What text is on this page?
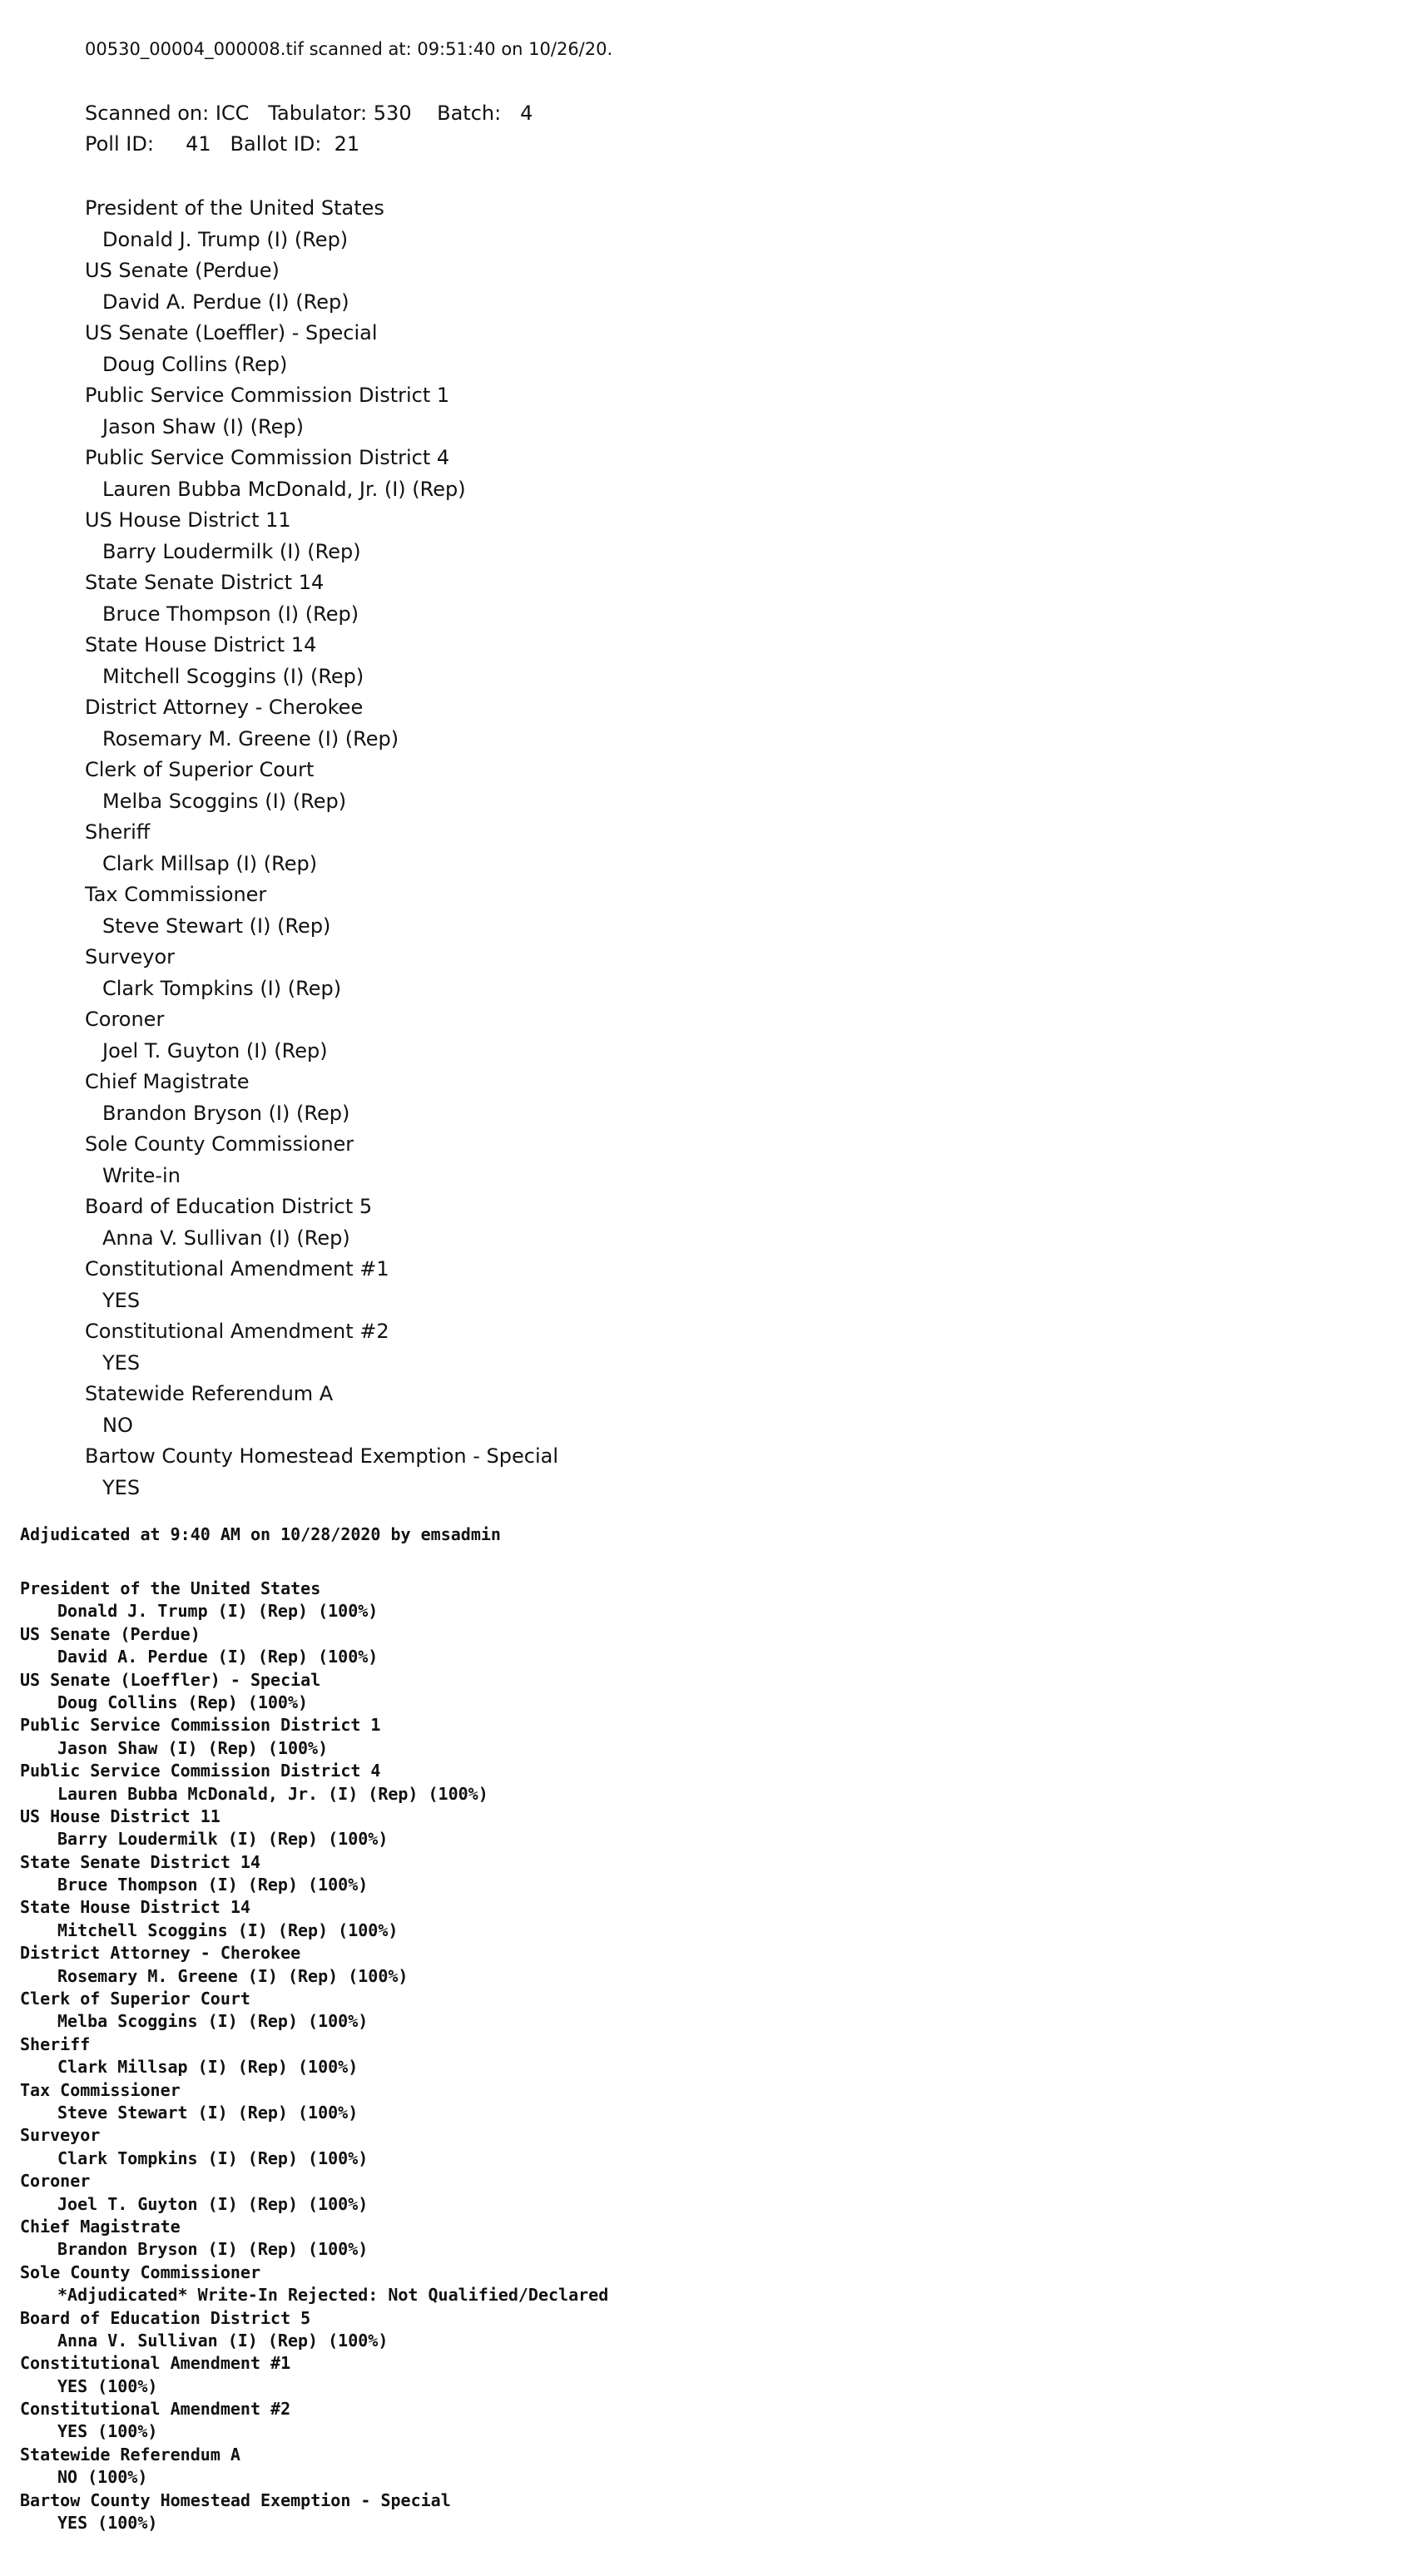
00530_00004_000008.tif scanned at: 09:51:40 on 10/26/20.
Scanned on: ICC Tabulator: 530 Batch: 4
Poll ID: 41 Ballot ID: 21
President of the United States
Donald J. Trump (I) (Rep)
US Senate (Perdue)
David A. Perdue (I) (Rep)
US Senate (Loeffler) - Special
Doug Collins (Rep)
Public Service Commission District 1
Jason Shaw (I) (Rep)
Public Service Commission District 4
Lauren Bubba McDonald, Jr. (I) (Rep)
US House District 11
Barry Loudermilk (I) (Rep)
State Senate District 14
Bruce Thompson (I) (Rep)
State House District 14
Mitchell Scoggins (I) (Rep)
District Attorney - Cherokee
Rosemary M. Greene (I) (Rep)
Clerk of Superior Court
Melba Scoggins (I) (Rep)
Sheriff
Clark Millsap (I) (Rep)
Tax Commissioner
Steve Stewart (I) (Rep)
Surveyor
Clark Tompkins (I) (Rep)
Coroner
Joel T. Guyton (I) (Rep)
Chief Magistrate
Brandon Bryson (I) (Rep)
Sole County Commissioner
Write-in
Board of Education District 5
Anna V. Sullivan (I) (Rep)
Constitutional Amendment #1
YES
Constitutional Amendment #2
YES
Statewide Referendum A
NO
Bartow County Homestead Exemption - Special
YES
Adjudicated at 9:40 AM on 10/28/2020 by emsadmin
President of the United States
Donald J. Trump (I) (Rep) (100%)
US Senate (Perdue)
David A. Perdue (I) (Rep) (100%)
US Senate (Loeffler) - Special
Doug Collins (Rep) (100%)
Public Service Commission District 1
Jason Shaw (I) (Rep) (100%)
Public Service Commission District 4
Lauren Bubba McDonald, Jr. (I) (Rep) (100%)
US House District 11
Barry Loudermilk (I) (Rep) (100%)
State Senate District 14
Bruce Thompson (I) (Rep) (100%)
State House District 14
Mitchell Scoggins (I) (Rep) (100%)
District Attorney - Cherokee
Rosemary M. Greene (I) (Rep) (100%)
Clerk of Superior Court
Melba Scoggins (I) (Rep) (100%)
Sheriff
Clark Millsap (I) (Rep) (100%)
Tax Commissioner
Steve Stewart (I) (Rep) (100%)
Surveyor
Clark Tompkins (I) (Rep) (100%)
Coroner
Joel T. Guyton (I) (Rep) (100%)
Chief Magistrate
Brandon Bryson (I) (Rep) (100%)
Sole County Commissioner
*Adjudicated* Write-In Rejected: Not Qualified/Declared
Board of Education District 5
Anna V. Sullivan (I) (Rep) (100%)
Constitutional Amendment #1
YES (100%)
Constitutional Amendment #2
YES (100%)
Statewide Referendum A
NO (100%)
Bartow County Homestead Exemption - Special
YES (100%)
